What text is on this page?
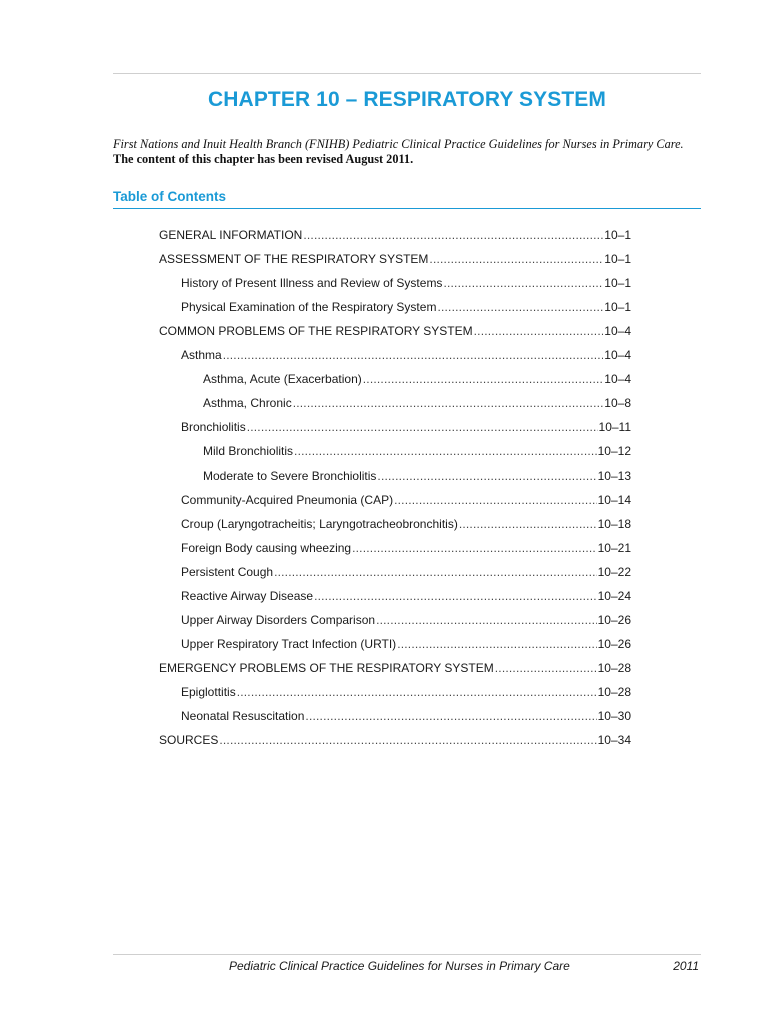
CHAPTER 10 – RESPIRATORY SYSTEM
First Nations and Inuit Health Branch (FNIHB) Pediatric Clinical Practice Guidelines for Nurses in Primary Care.
The content of this chapter has been revised August 2011.
Table of Contents
GENERAL INFORMATION .....	10–1
ASSESSMENT OF THE RESPIRATORY SYSTEM .....	10–1
History of Present Illness and Review of Systems .....	10–1
Physical Examination of the Respiratory System .....	10–1
COMMON PROBLEMS OF THE RESPIRATORY SYSTEM .....	10–4
Asthma .....	10–4
Asthma, Acute (Exacerbation) .....	10–4
Asthma, Chronic .....	10–8
Bronchiolitis .....	10–11
Mild Bronchiolitis .....	10–12
Moderate to Severe Bronchiolitis .....	10–13
Community-Acquired Pneumonia (CAP) .....	10–14
Croup (Laryngotracheitis; Laryngotracheobronchitis) .....	10–18
Foreign Body causing wheezing .....	10–21
Persistent Cough .....	10–22
Reactive Airway Disease .....	10–24
Upper Airway Disorders Comparison .....	10–26
Upper Respiratory Tract Infection (URTI) .....	10–26
EMERGENCY PROBLEMS OF THE RESPIRATORY SYSTEM .....	10–28
Epiglottitis .....	10–28
Neonatal Resuscitation .....	10–30
SOURCES .....	10–34
Pediatric Clinical Practice Guidelines for Nurses in Primary Care	2011
